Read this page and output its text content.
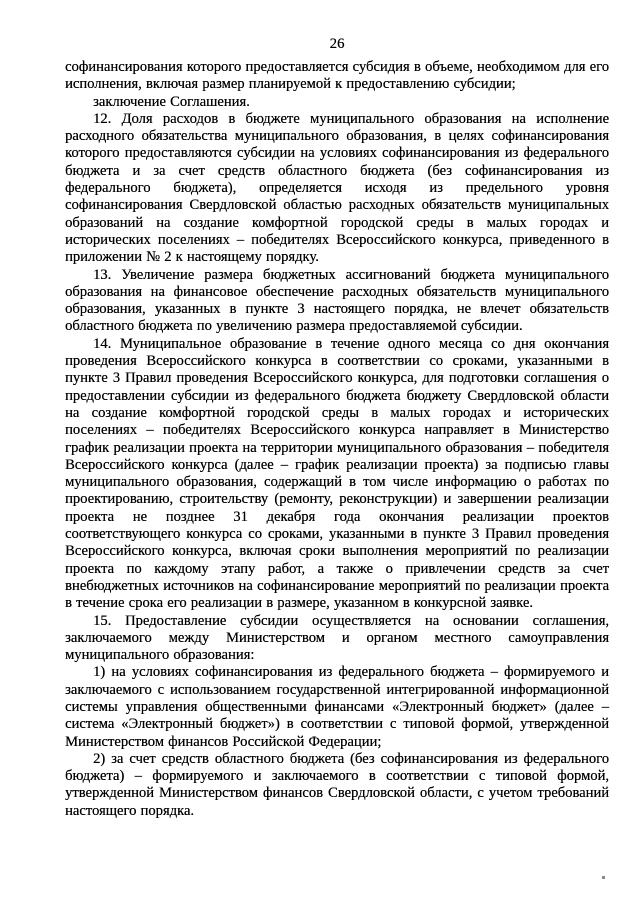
26

софинансирования которого предоставляется субсидия в объеме, необходимом для его исполнения, включая размер планируемой к предоставлению субсидии;

заключение Соглашения.

12. Доля расходов в бюджете муниципального образования на исполнение расходного обязательства муниципального образования, в целях софинансирования которого предоставляются субсидии на условиях софинансирования из федерального бюджета и за счет средств областного бюджета (без софинансирования из федерального бюджета), определяется исходя из предельного уровня софинансирования Свердловской областью расходных обязательств муниципальных образований на создание комфортной городской среды в малых городах и исторических поселениях – победителях Всероссийского конкурса, приведенного в приложении № 2 к настоящему порядку.

13. Увеличение размера бюджетных ассигнований бюджета муниципального образования на финансовое обеспечение расходных обязательств муниципального образования, указанных в пункте 3 настоящего порядка, не влечет обязательств областного бюджета по увеличению размера предоставляемой субсидии.

14. Муниципальное образование в течение одного месяца со дня окончания проведения Всероссийского конкурса в соответствии со сроками, указанными в пункте 3 Правил проведения Всероссийского конкурса, для подготовки соглашения о предоставлении субсидии из федерального бюджета бюджету Свердловской области на создание комфортной городской среды в малых городах и исторических поселениях – победителях Всероссийского конкурса направляет в Министерство график реализации проекта на территории муниципального образования – победителя Всероссийского конкурса (далее – график реализации проекта) за подписью главы муниципального образования, содержащий в том числе информацию о работах по проектированию, строительству (ремонту, реконструкции) и завершении реализации проекта не позднее 31 декабря года окончания реализации проектов соответствующего конкурса со сроками, указанными в пункте 3 Правил проведения Всероссийского конкурса, включая сроки выполнения мероприятий по реализации проекта по каждому этапу работ, а также о привлечении средств за счет внебюджетных источников на софинансирование мероприятий по реализации проекта в течение срока его реализации в размере, указанном в конкурсной заявке.

15. Предоставление субсидии осуществляется на основании соглашения, заключаемого между Министерством и органом местного самоуправления муниципального образования:

1) на условиях софинансирования из федерального бюджета – формируемого и заключаемого с использованием государственной интегрированной информационной системы управления общественными финансами «Электронный бюджет» (далее – система «Электронный бюджет») в соответствии с типовой формой, утвержденной Министерством финансов Российской Федерации;

2) за счет средств областного бюджета (без софинансирования из федерального бюджета) – формируемого и заключаемого в соответствии с типовой формой, утвержденной Министерством финансов Свердловской области, с учетом требований настоящего порядка.
